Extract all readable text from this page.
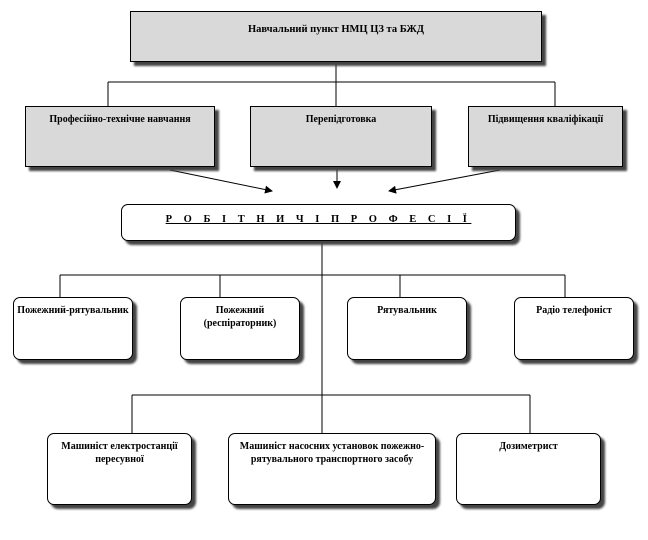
Навчальний пункт НМЦ ЦЗ та БЖД
Професійно-технічне навчання	Перепідготовка	Підвищення кваліфікації
Р О Б І Т Н И Ч І П Р О Ф Е С І Ї
Пожежний-рятувальник	Пожежний (респіраторник)
Рятувальник	Радіо телефоніст
Машиніст електростанції пересувної
Машиніст насосних установок пожежно-рятувального транспортного засобу
Дозиметрист
